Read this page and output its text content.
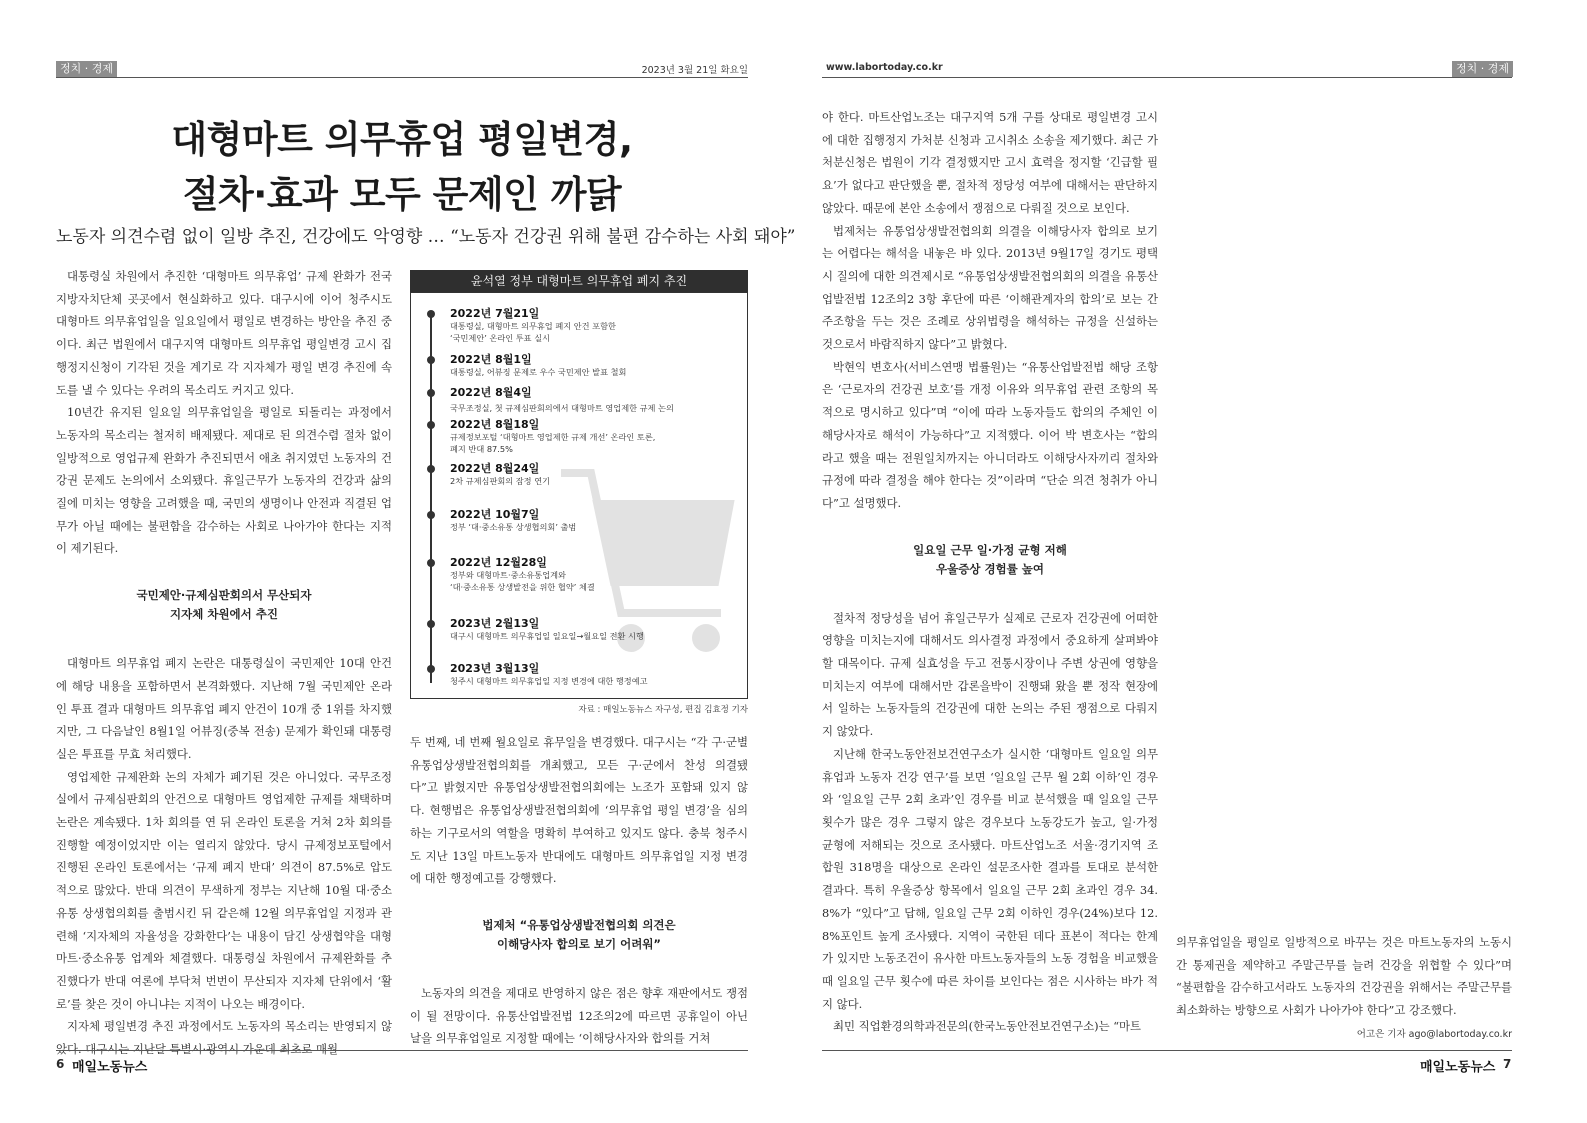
정치 · 경제	2023년 3월 21일 화요일
대형마트 의무휴업 평일변경,
절차·효과 모두 문제인 까닭
노동자 의견수렴 없이 일방 추진, 건강에도 악영향 … “노동자 건강권 위해 불편 감수하는 사회 돼야”

대통령실 차원에서 추진한 ‘대형마트 의무휴업’ 규제 완화가 전국 지방자치단체 곳곳에서 현실화하고 있다. 대구시에 이어 청주시도 대형마트 의무휴업일을 일요일에서 평일로 변경하는 방안을 추진 중이다. 최근 법원에서 대구지역 대형마트 의무휴업 평일변경 고시 집행정지신청이 기각된 것을 계기로 각 지자체가 평일 변경 추진에 속도를 낼 수 있다는 우려의 목소리도 커지고 있다.

10년간 유지된 일요일 의무휴업일을 평일로 되돌리는 과정에서 노동자의 목소리는 철저히 배제됐다. 제대로 된 의견수렴 절차 없이 일방적으로 영업규제 완화가 추진되면서 애초 취지였던 노동자의 건강권 문제도 논의에서 소외됐다. 휴일근무가 노동자의 건강과 삶의 질에 미치는 영향을 고려했을 때, 국민의 생명이나 안전과 직결된 업무가 아닐 때에는 불편함을 감수하는 사회로 나아가야 한다는 지적이 제기된다.

국민제안·규제심판회의서 무산되자
지자체 차원에서 추진

대형마트 의무휴업 폐지 논란은 대통령실이 국민제안 10대 안건에 해당 내용을 포함하면서 본격화했다. 지난해 7월 국민제안 온라인 투표 결과 대형마트 의무휴업 폐지 안건이 10개 중 1위를 차지했지만, 그 다음날인 8월1일 어뷰징(중복 전송) 문제가 확인돼 대통령실은 투표를 무효 처리했다.

영업제한 규제완화 논의 자체가 폐기된 것은 아니었다. 국무조정실에서 규제심판회의 안건으로 대형마트 영업제한 규제를 채택하며 논란은 계속됐다. 1차 회의를 연 뒤 온라인 토론을 거쳐 2차 회의를 진행할 예정이었지만 이는 열리지 않았다. 당시 규제정보포털에서 진행된 온라인 토론에서는 ‘규제 폐지 반대’ 의견이 87.5%로 압도적으로 많았다. 반대 의견이 무색하게 정부는 지난해 10월 대·중소유통 상생협의회를 출범시킨 뒤 같은해 12월 의무휴업일 지정과 관련해 ‘지자체의 자율성을 강화한다’는 내용이 담긴 상생협약을 대형마트·중소유통 업계와 체결했다. 대통령실 차원에서 규제완화를 추진했다가 반대 여론에 부닥쳐 번번이 무산되자 지자체 단위에서 ‘활로’를 찾은 것이 아니냐는 지적이 나오는 배경이다.

지자체 평일변경 추진 과정에서도 노동자의 목소리는 반영되지 않

윤석열 정부 대형마트 의무휴업 폐지 추진
2022년 7월21일
대통령실, 대형마트 의무휴업 폐지 안건 포함한
‘국민제안’ 온라인 투표 실시
2022년 8월1일
대통령실, 어뷰징 문제로 우수 국민제안 발표 철회
2022년 8월4일
국무조정실, 첫 규제심판회의에서 대형마트 영업제한 규제 논의
2022년 8월18일
규제정보포털 ‘대형마트 영업제한 규제 개선’ 온라인 토론,
폐지 반대 87.5%
2022년 8월24일
2차 규제심판회의 잠정 연기
2022년 10월7일
정부 ‘대·중소유통 상생협의회’ 출범
2022년 12월28일
정부와 대형마트·중소유통업계와
‘대·중소유통 상생발전을 위한 협약’ 체결
2023년 2월13일
대구시 대형마트 의무휴업일 일요일→월요일 전환 시행
2023년 3월13일
청주시 대형마트 의무휴업일 지정 변경에 대한 행정예고
자료 : 매일노동뉴스 자구성, 편집 김효정 기자

두 번째, 네 번째 월요일로 휴무일을 변경했다. 대구시는 “각 구·군별 유통업상생발전협의회를 개최했고, 모든 구·군에서 찬성 의결됐다”고 밝혔지만 유통업상생발전협의회에는 노조가 포함돼 있지 않다. 현행법은 유통업상생발전협의회에 ‘의무휴업 평일 변경’을 심의하는 기구로서의 역할을 명확히 부여하고 있지도 않다. 충북 청주시도 지난 13일 마트노동자 반대에도 대형마트 의무휴업일 지정 변경에 대한 행정예고를 강행했다.

법제처 “유통업상생발전협의회 의견은
이해당사자 합의로 보기 어려워”

노동자의 의견을 제대로 반영하지 않은 점은 향후 재판에서도 쟁점이 될 전망이다. 유통산업발전법 12조의2에 따르면 공휴일이 아닌 날을 의무휴업일로 지정할 때에는 ‘이해당사자와 합의를 거쳐

6 매일노동뉴스
www.labortoday.co.kr	정치 · 경제

야 한다. 마트산업노조는 대구지역 5개 구를 상대로 평일변경 고시에 대한 집행정지 가처분 신청과 고시취소 소송을 제기했다. 최근 가처분신청은 법원이 기각 결정했지만 고시 효력을 정지할 ‘긴급할 필요’가 없다고 판단했을 뿐, 절차적 정당성 여부에 대해서는 판단하지 않았다. 때문에 본안 소송에서 쟁점으로 다뤄질 것으로 보인다.

법제처는 유통업상생발전협의회 의결을 이해당사자 합의로 보기는 어렵다는 해석을 내놓은 바 있다. 2013년 9월17일 경기도 평택시 질의에 대한 의견제시로 “유통업상생발전협의회의 의결을 유통산업발전법 12조의2 3항 후단에 따른 ‘이해관계자의 합의’로 보는 간주조항을 두는 것은 조례로 상위법령을 해석하는 규정을 신설하는 것으로서 바람직하지 않다”고 밝혔다.

박현익 변호사(서비스연맹 법률원)는 “유통산업발전법 해당 조항은 ‘근로자의 건강권 보호’를 개정 이유와 의무휴업 관련 조항의 목적으로 명시하고 있다”며 “이에 따라 노동자들도 합의의 주체인 이해당사자로 해석이 가능하다”고 지적했다. 이어 박 변호사는 “합의라고 했을 때는 전원일치까지는 아니더라도 이해당사자끼리 절차와 규정에 따라 결정을 해야 한다는 것”이라며 “단순 의견 청취가 아니다”고 설명했다.

일요일 근무 일·가정 균형 저해
우울증상 경험률 높여

절차적 정당성을 넘어 휴일근무가 실제로 근로자 건강권에 어떠한 영향을 미치는지에 대해서도 의사결정 과정에서 중요하게 살펴봐야 할 대목이다. 규제 실효성을 두고 전통시장이나 주변 상권에 영향을 미치는지 여부에 대해서만 갑론을박이 진행돼 왔을 뿐 정작 현장에서 일하는 노동자들의 건강권에 대한 논의는 주된 쟁점으로 다뤄지지 않았다.

지난해 한국노동안전보건연구소가 실시한 ‘대형마트 일요일 의무휴업과 노동자 건강 연구’를 보면 ‘일요일 근무 월 2회 이하’인 경우와 ‘일요일 근무 2회 초과’인 경우를 비교 분석했을 때 일요일 근무 횟수가 많은 경우 그렇지 않은 경우보다 노동강도가 높고, 일·가정 균형에 저해되는 것으로 조사됐다. 마트산업노조 서울·경기지역 조합원 318명을 대상으로 온라인 설문조사한 결과를 토대로 분석한 결과다. 특히 우울증상 항목에서 일요일 근무 2회 초과인 경우 34.8%가 “있다”고 답해, 일요일 근무 2회 이하인 경우(24%)보다 12.8%포인트 높게 조사됐다. 지역이 국한된 데다 표본이 적다는 한계가 있지만 노동조건이 유사한 마트노동자들의 노동 경험을 비교했을 때 일요일 근무 횟수에 따른 차이를 보인다는 점은 시사하는 바가 적지 않다.

최민 직업환경의학과전문의(한국노동안전보건연구소)는 “마트

의무휴업일을 평일로 일방적으로 바꾸는 것은 마트노동자의 노동시간 통제권을 제약하고 주말근무를 늘려 건강을 위협할 수 있다”며 “불편함을 감수하고서라도 노동자의 건강권을 위해서는 주말근무를 최소화하는 방향으로 사회가 나아가야 한다”고 강조했다.

어고은 기자 ago@labortoday.co.kr
매일노동뉴스 7
